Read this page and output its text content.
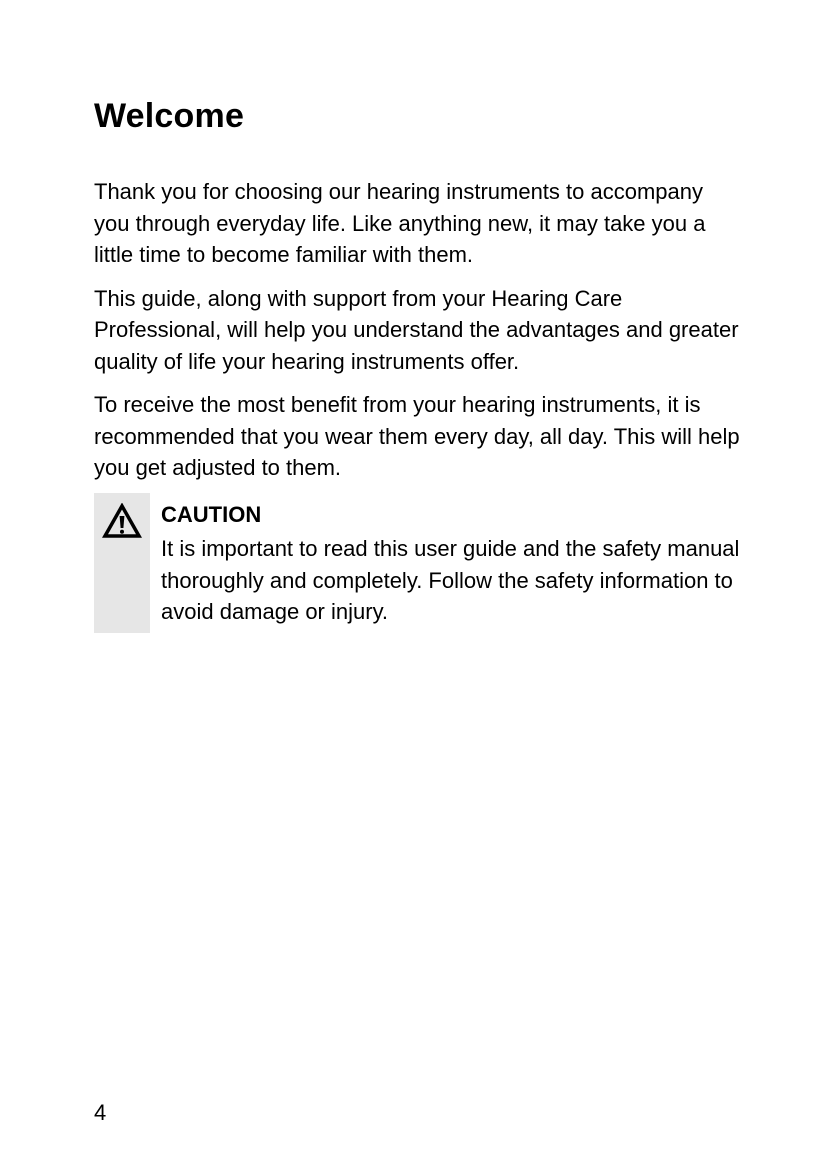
Welcome

Thank you for choosing our hearing instruments to accompany you through everyday life. Like anything new, it may take you a little time to become familiar with them.

This guide, along with support from your Hearing Care Professional, will help you understand the advantages and greater quality of life your hearing instruments offer.

To receive the most benefit from your hearing instruments, it is recommended that you wear them every day, all day. This will help you get adjusted to them.

CAUTION

It is important to read this user guide and the safety manual thoroughly and completely. Follow the safety information to avoid damage or injury.

4
